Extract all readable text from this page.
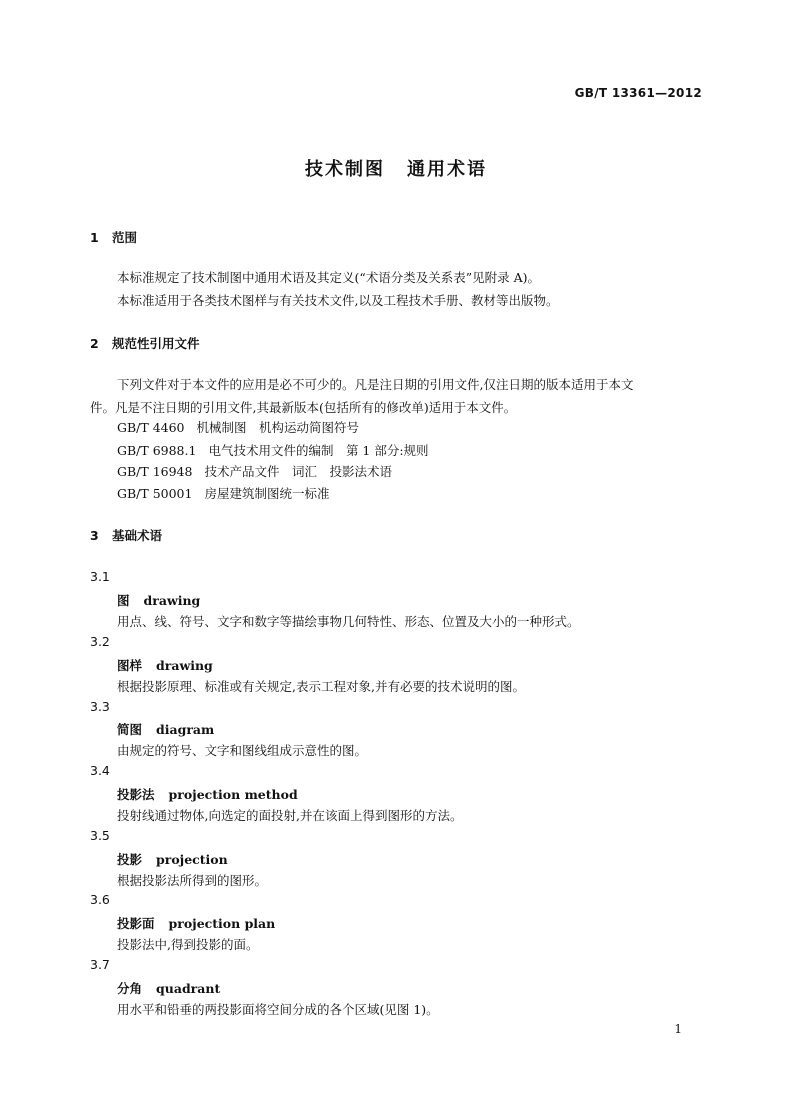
GB/T 13361—2012
技术制图 通用术语
1 范围
本标准规定了技术制图中通用术语及其定义(“术语分类及关系表”见附录 A)。
本标准适用于各类技术图样与有关技术文件,以及工程技术手册、教材等出版物。
2 规范性引用文件
下列文件对于本文件的应用是必不可少的。凡是注日期的引用文件,仅注日期的版本适用于本文
件。凡是不注日期的引用文件,其最新版本(包括所有的修改单)适用于本文件。
GB/T 4460 机械制图　机构运动简图符号
GB/T 6988.1 电气技术用文件的编制　第 1 部分:规则
GB/T 16948 技术产品文件　词汇　投影法术语
GB/T 50001 房屋建筑制图统一标准
3 基础术语
3.1
图 drawing
用点、线、符号、文字和数字等描绘事物几何特性、形态、位置及大小的一种形式。
3.2
图样 drawing
根据投影原理、标准或有关规定,表示工程对象,并有必要的技术说明的图。
3.3
简图 diagram
由规定的符号、文字和图线组成示意性的图。
3.4
投影法 projection method
投射线通过物体,向选定的面投射,并在该面上得到图形的方法。
3.5
投影 projection
根据投影法所得到的图形。
3.6
投影面 projection plan
投影法中,得到投影的面。
3.7
分角 quadrant
用水平和铅垂的两投影面将空间分成的各个区域(见图 1)。
1
